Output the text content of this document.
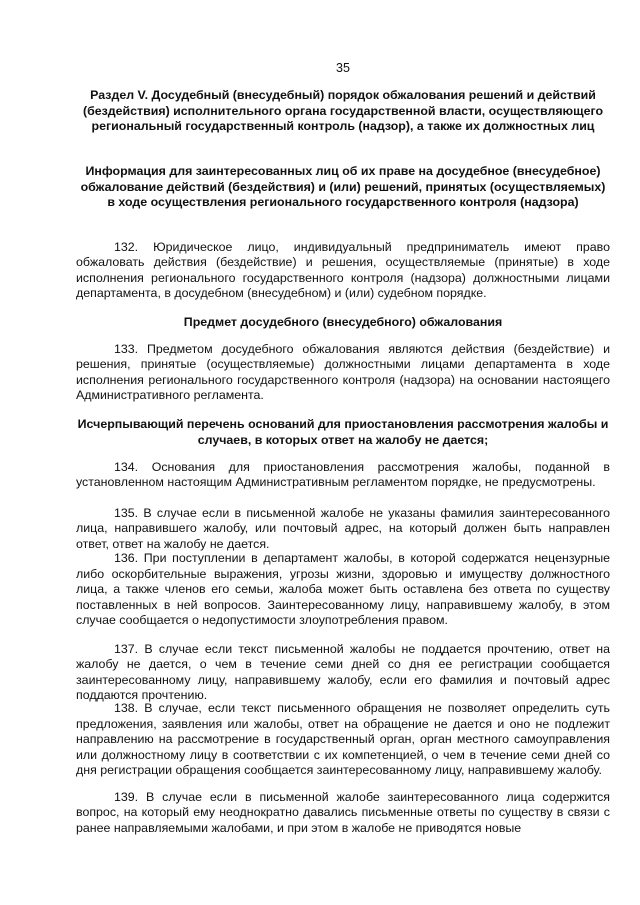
35
Раздел V. Досудебный (внесудебный) порядок обжалования решений и действий (бездействия) исполнительного органа государственной власти, осуществляющего региональный государственный контроль (надзор), а также их должностных лиц
Информация для заинтересованных лиц об их праве на досудебное (внесудебное) обжалование действий (бездействия) и (или) решений, принятых (осуществляемых) в ходе осуществления регионального государственного контроля (надзора)

132. Юридическое лицо, индивидуальный предприниматель имеют право обжаловать действия (бездействие) и решения, осуществляемые (принятые) в ходе исполнения регионального государственного контроля (надзора) должностными лицами департамента, в досудебном (внесудебном) и (или) судебном порядке.

Предмет досудебного (внесудебного) обжалования

133. Предметом досудебного обжалования являются действия (бездействие) и решения, принятые (осуществляемые) должностными лицами департамента в ходе исполнения регионального государственного контроля (надзора) на основании настоящего Административного регламента.

Исчерпывающий перечень оснований для приостановления рассмотрения жалобы и случаев, в которых ответ на жалобу не дается;

134. Основания для приостановления рассмотрения жалобы, поданной в установленном настоящим Административным регламентом порядке, не предусмотрены.

135. В случае если в письменной жалобе не указаны фамилия заинтересованного лица, направившего жалобу, или почтовый адрес, на который должен быть направлен ответ, ответ на жалобу не дается.

136. При поступлении в департамент жалобы, в которой содержатся нецензурные либо оскорбительные выражения, угрозы жизни, здоровью и имуществу должностного лица, а также членов его семьи, жалоба может быть оставлена без ответа по существу поставленных в ней вопросов. Заинтересованному лицу, направившему жалобу, в этом случае сообщается о недопустимости злоупотребления правом.

137. В случае если текст письменной жалобы не поддается прочтению, ответ на жалобу не дается, о чем в течение семи дней со дня ее регистрации сообщается заинтересованному лицу, направившему жалобу, если его фамилия и почтовый адрес поддаются прочтению.

138. В случае, если текст письменного обращения не позволяет определить суть предложения, заявления или жалобы, ответ на обращение не дается и оно не подлежит направлению на рассмотрение в государственный орган, орган местного самоуправления или должностному лицу в соответствии с их компетенцией, о чем в течение семи дней со дня регистрации обращения сообщается заинтересованному лицу, направившему жалобу.

139. В случае если в письменной жалобе заинтересованного лица содержится вопрос, на который ему неоднократно давались письменные ответы по существу в связи с ранее направляемыми жалобами, и при этом в жалобе не приводятся новые
